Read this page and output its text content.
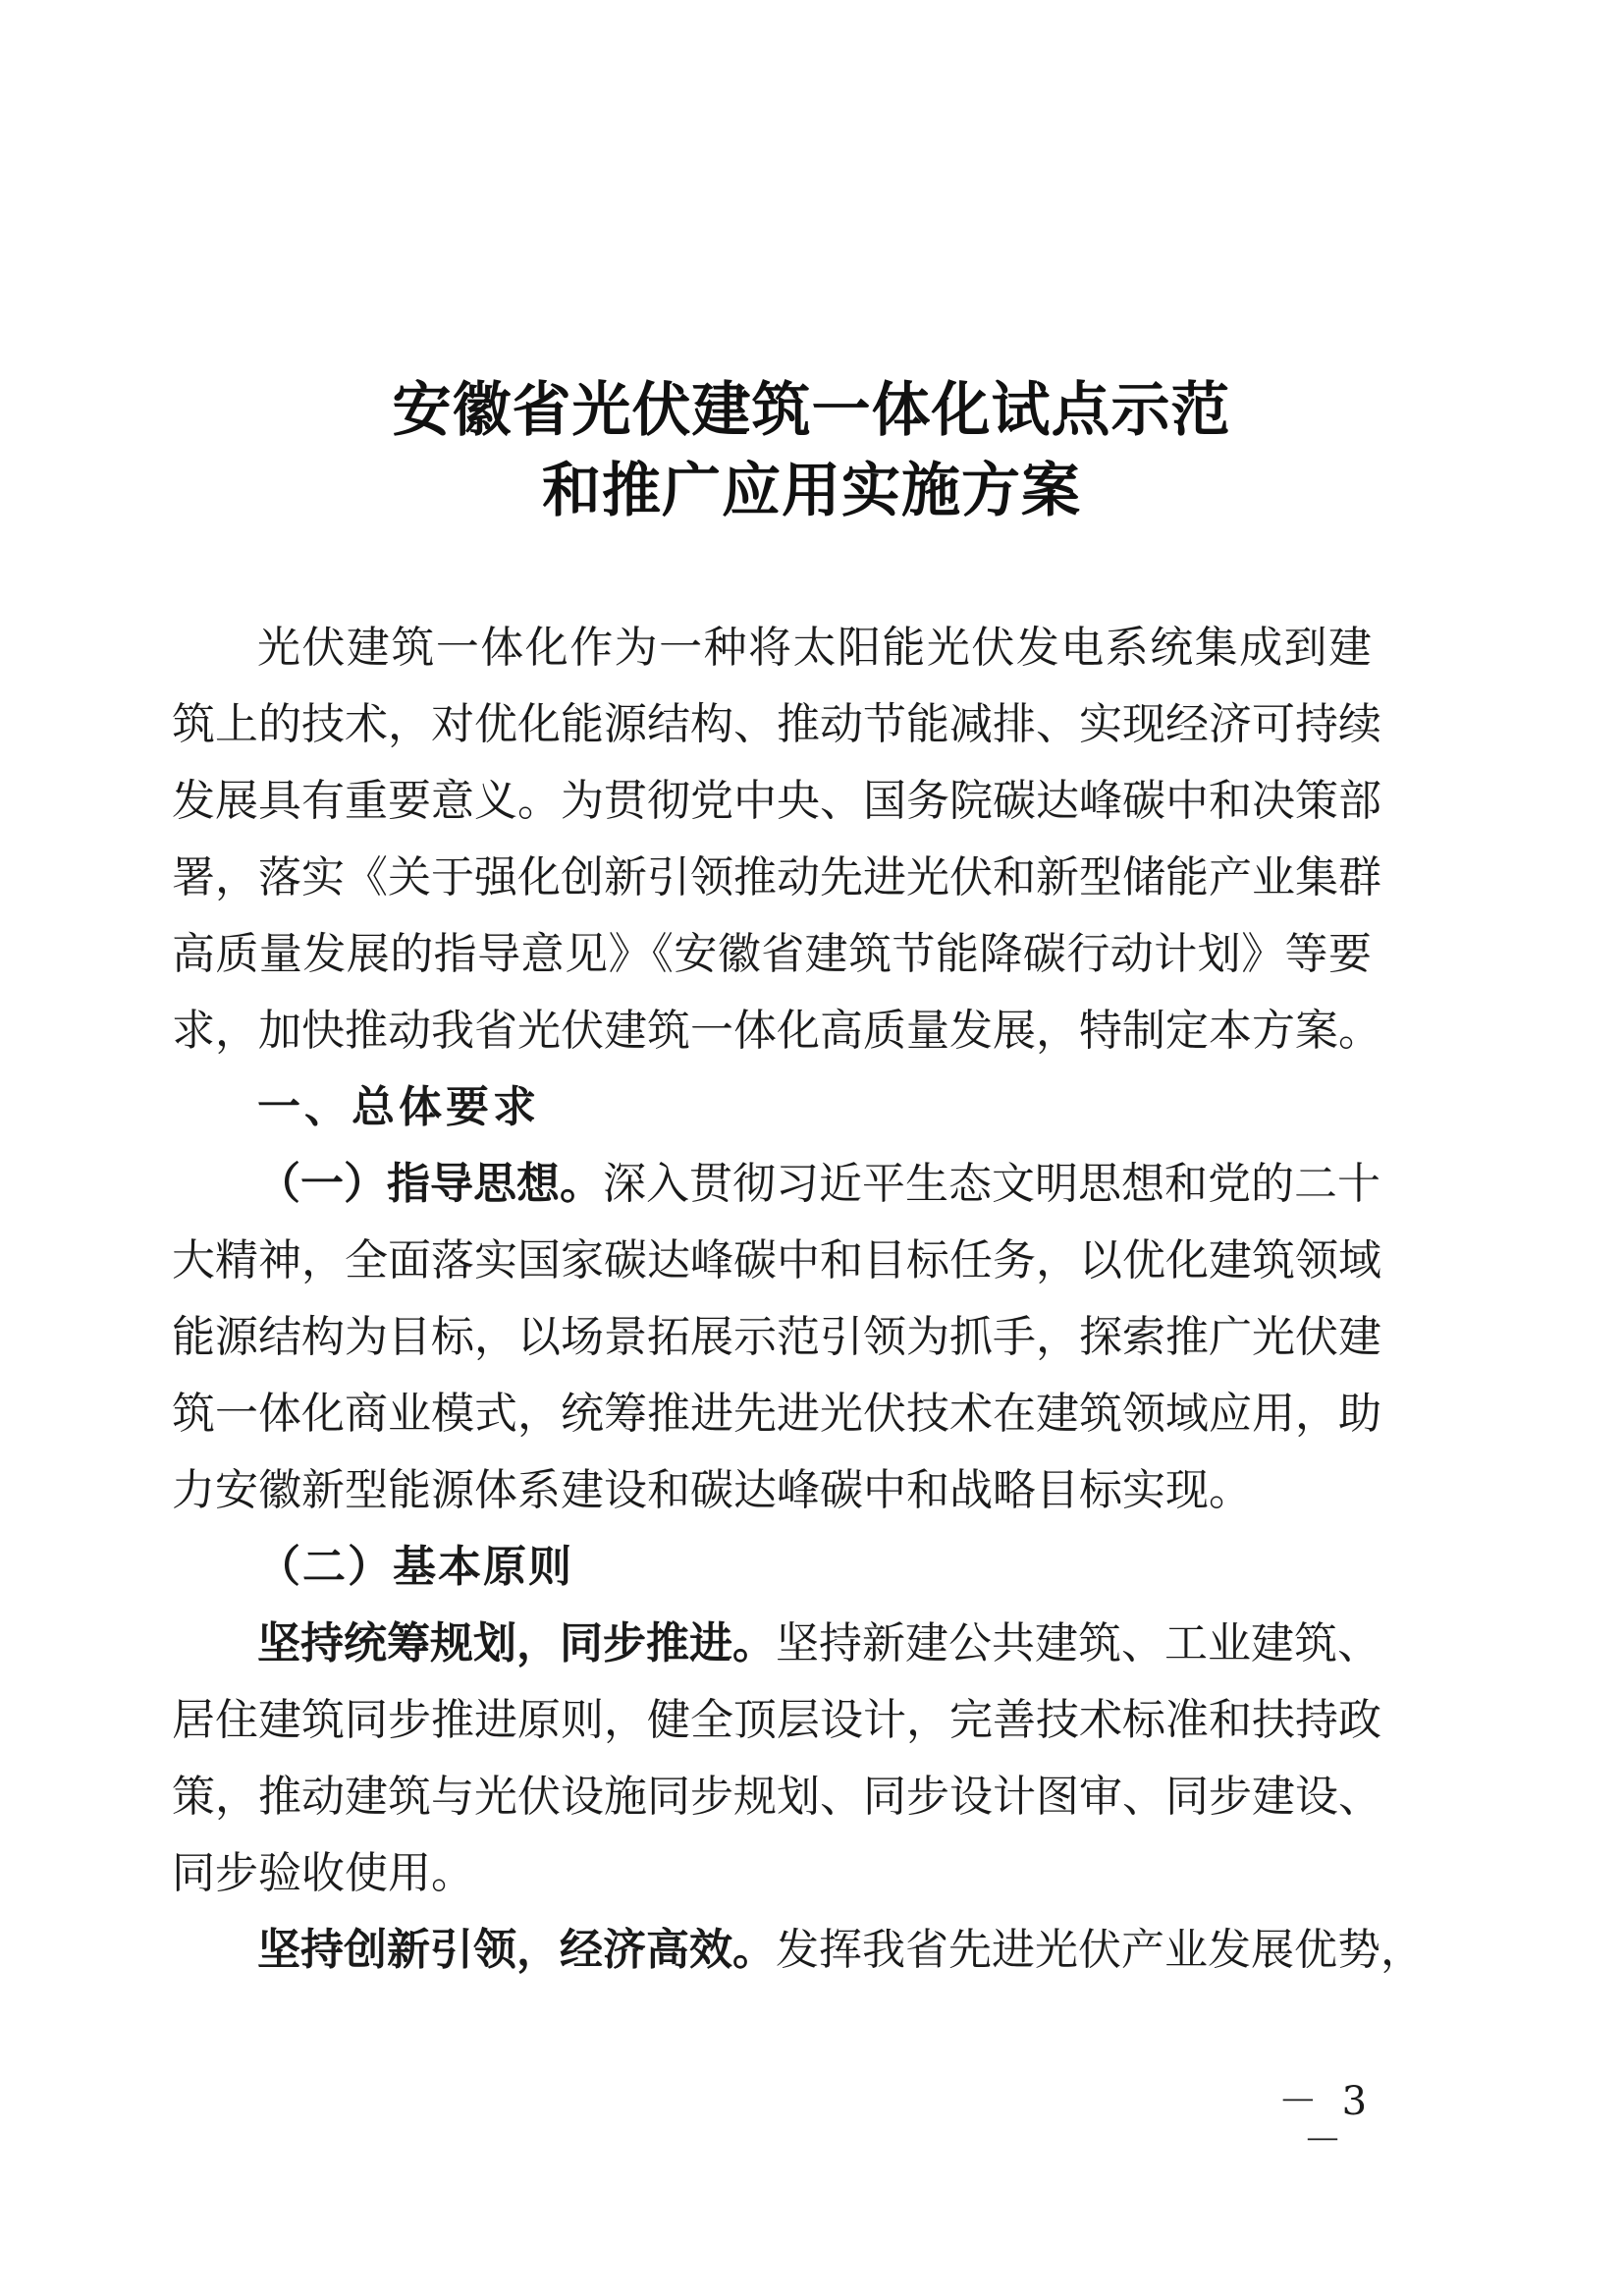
安徽省光伏建筑一体化试点示范
和推广应用实施方案
光伏建筑一体化作为一种将太阳能光伏发电系统集成到建
筑上的技术，对优化能源结构、推动节能减排、实现经济可持续
发展具有重要意义。为贯彻党中央、国务院碳达峰碳中和决策部
署，落实《关于强化创新引领推动先进光伏和新型储能产业集群
高质量发展的指导意见》《安徽省建筑节能降碳行动计划》等要
求，加快推动我省光伏建筑一体化高质量发展，特制定本方案。
一、总体要求
（一）指导思想。深入贯彻习近平生态文明思想和党的二十
大精神，全面落实国家碳达峰碳中和目标任务，以优化建筑领域
能源结构为目标，以场景拓展示范引领为抓手，探索推广光伏建
筑一体化商业模式，统筹推进先进光伏技术在建筑领域应用，助
力安徽新型能源体系建设和碳达峰碳中和战略目标实现。
（二）基本原则
坚持统筹规划，同步推进。坚持新建公共建筑、工业建筑、
居住建筑同步推进原则，健全顶层设计，完善技术标准和扶持政
策，推动建筑与光伏设施同步规划、同步设计图审、同步建设、
同步验收使用。
坚持创新引领，经济高效。发挥我省先进光伏产业发展优势，
－ 3 －
